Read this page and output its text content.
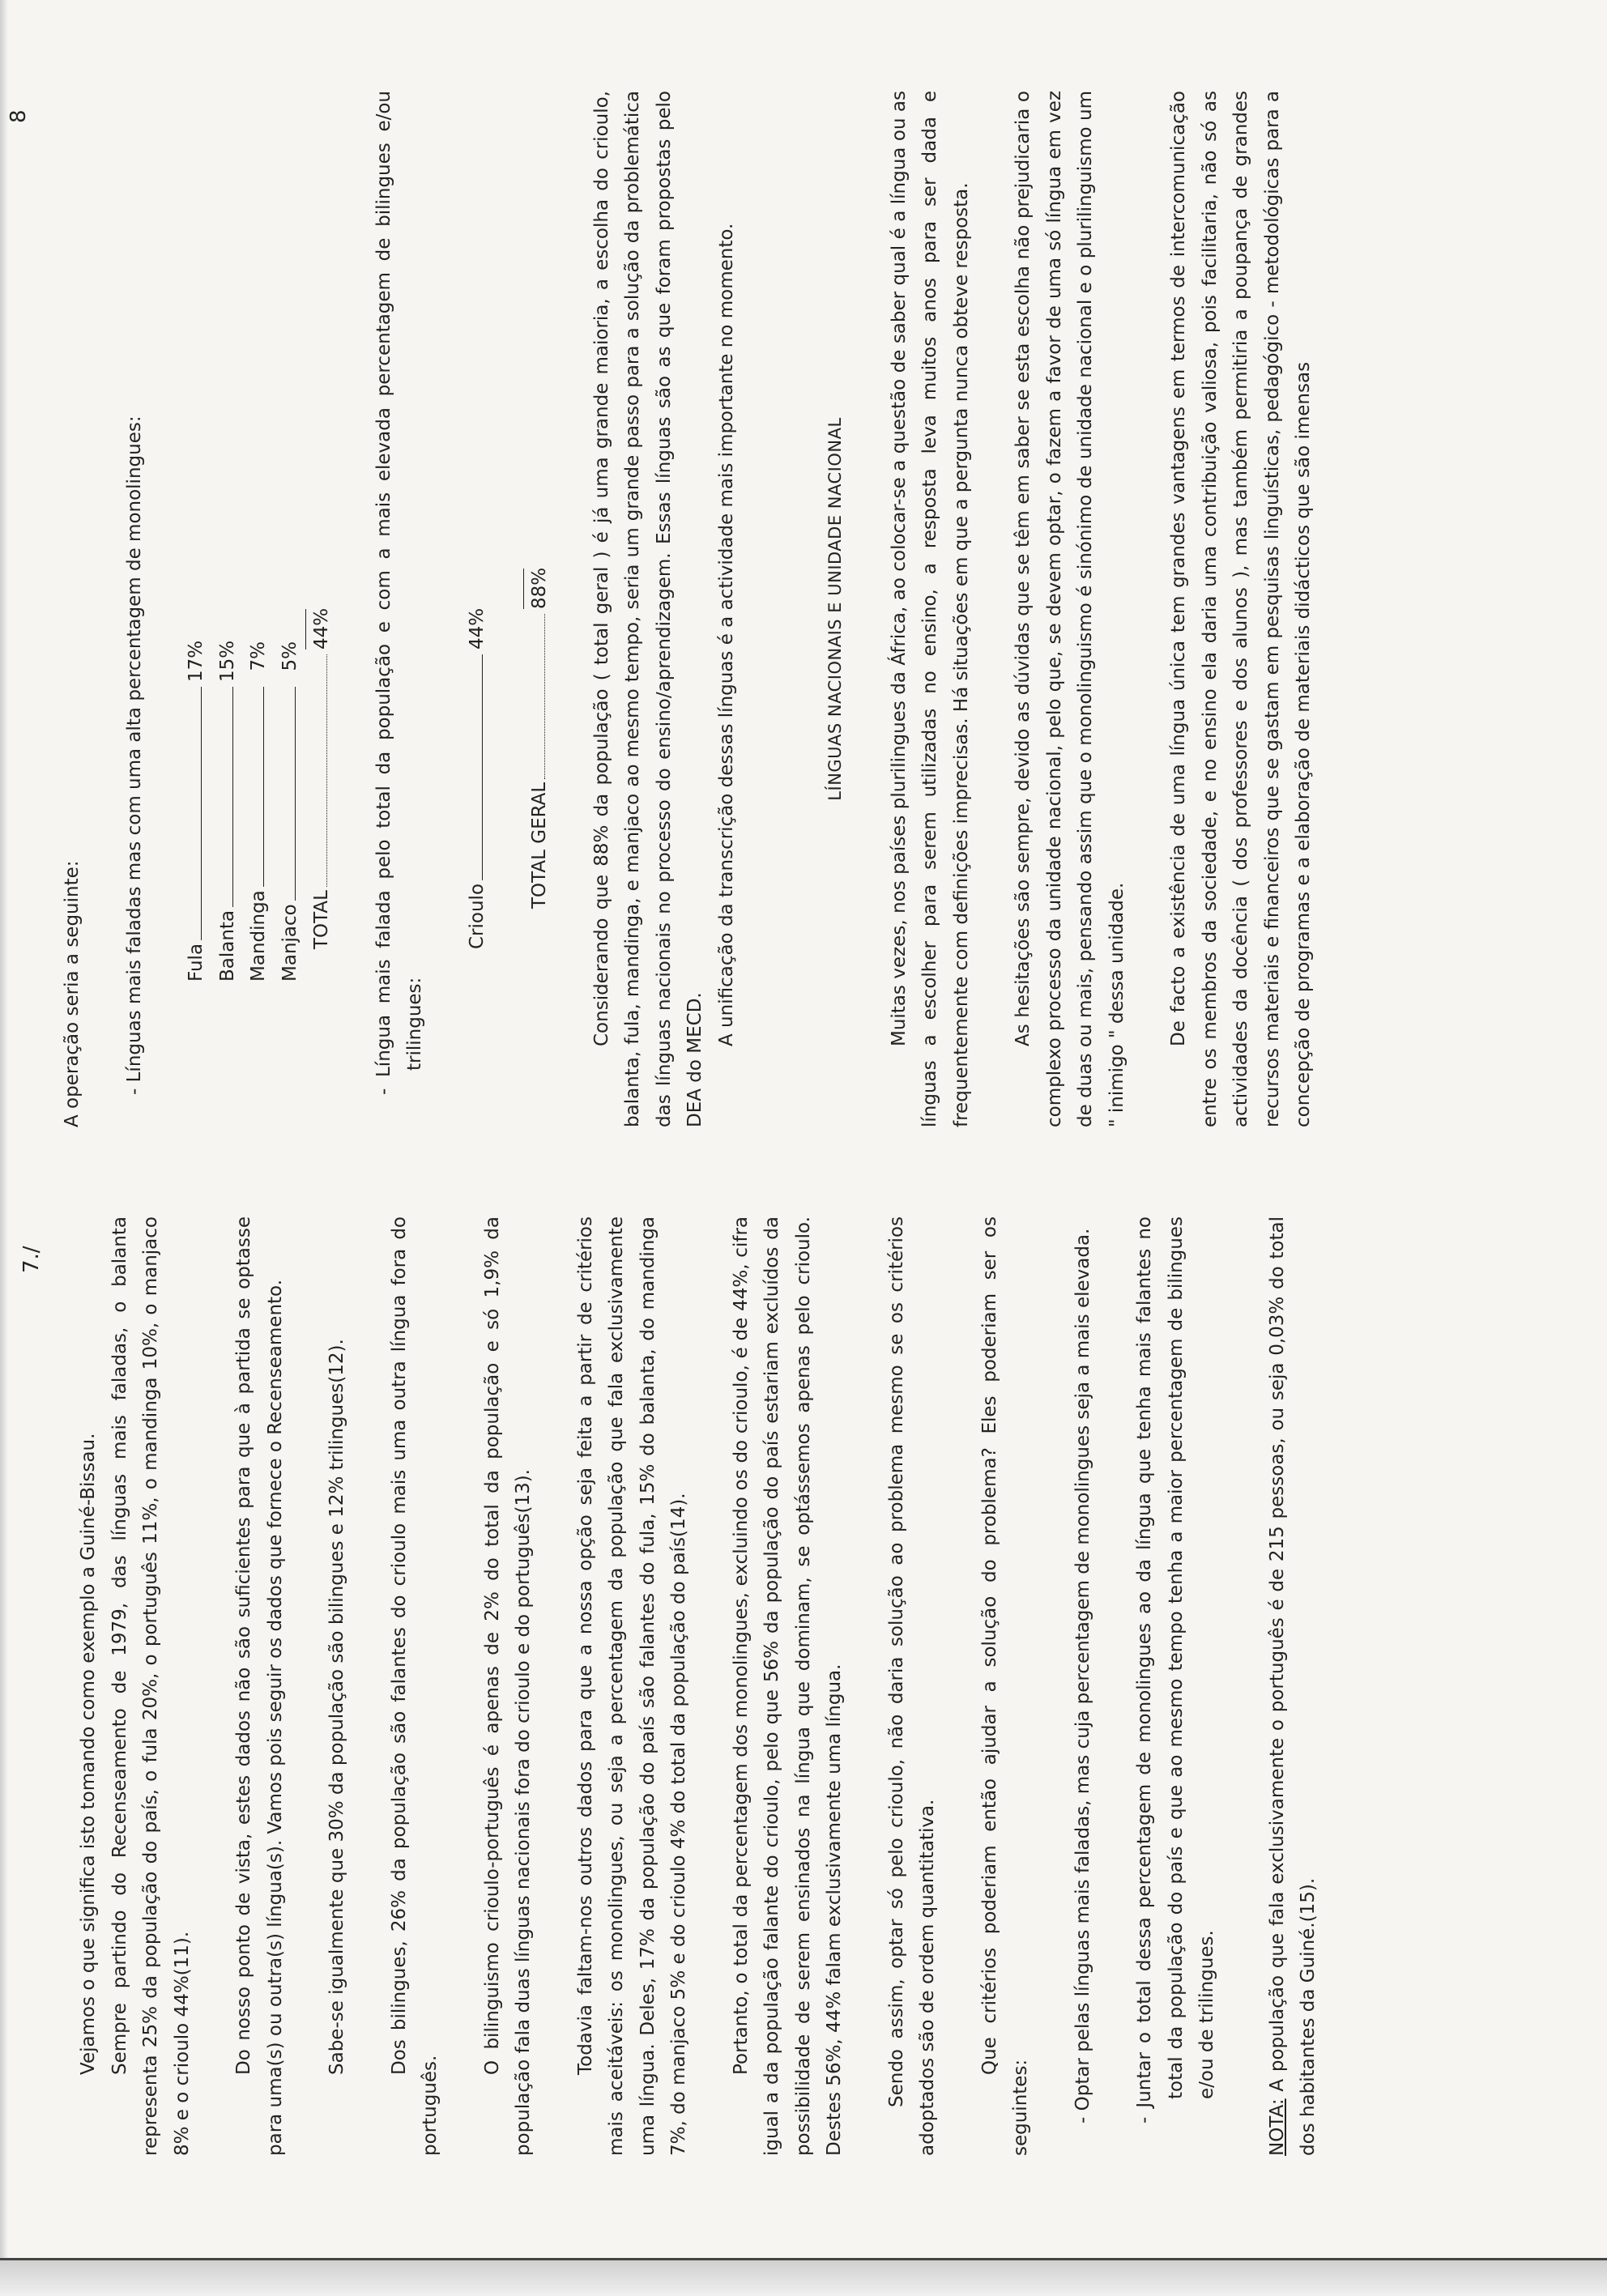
7./

Vejamos o que significa isto tomando como exemplo a Guiné-Bissau. Sempre partindo do Recenseamento de 1979, das línguas mais faladas, o balanta representa 25% da população do país, o fula 20%, o português 11%, o mandinga 10%, o manjaco 8% e o crioulo 44%(11). Do nosso ponto de vista, estes dados não são suficientes para que à partida se optasse para uma(s) ou outra(s) língua(s). Vamos pois seguir os dados que fornece o Recenseamento. Sabe-se igualmente que 30% da população são bilingues e 12% trilingues(12). Dos bilingues, 26% da população são falantes do crioulo mais uma outra língua fora do português.

O bilinguismo crioulo-português é apenas de 2% do total da população e só 1,9% da população fala duas línguas nacionais fora do crioulo e do português(13). Todavia faltam-nos outros dados para que a nossa opção seja feita a partir de critérios mais aceitáveis: os monolingues, ou seja a percentagem da população que fala exclusivamente uma língua. Deles, 17% da população do país são falantes do fula, 15% do balanta, do mandinga 7%, do manjaco 5% e do crioulo 4% do total da população do país(14). Portanto, o total da percentagem dos monolingues, excluindo os do crioulo, é de 44%, cifra igual a da população falante do crioulo, pelo que 56% da população do país estariam excluídos da possibilidade de serem ensinados na língua que dominam, se optássemos apenas pelo crioulo. Destes 56%, 44% falam exclusivamente uma língua. Sendo assim, optar só pelo crioulo, não daria solução ao problema mesmo se os critérios adoptados são de ordem quantitativa. Que critérios poderiam então ajudar a solução do problema? Eles poderiam ser os seguintes: - Optar pelas línguas mais faladas, mas cuja percentagem de monolingues seja a mais elevada. - Juntar o total dessa percentagem de monolingues ao da língua que tenha mais falantes no total da população do país e que ao mesmo tempo tenha a maior percentagem de bilingues e/ou de trilingues.

NOTA: A população que fala exclusivamente o português é de 215 pessoas, ou seja 0,03% do total dos habitantes da Guiné.(15).

8

A operação seria a seguinte: - Línguas mais faladas mas com uma alta percentagem de monolingues: Fula
17%
Balanta
15%
Mandinga
7%
Manjaco
5%
TOTAL
44% - Língua mais falada pelo total da população e com a mais elevada percentagem de bilingues e/ou trilingues:

Crioulo
44%
TOTAL GERAL
88% Considerando que 88% da população ( total geral ) é já uma grande maioria, a escolha do crioulo, balanta, fula, mandinga, e manjaco ao mesmo tempo, seria um grande passo para a solução da problemática das línguas nacionais no processo do ensino/aprendizagem. Essas línguas são as que foram propostas pelo DEA do MECD.

A unificação da transcrição dessas línguas é a actividade mais importante no momento.	LÍNGUAS NACIONAIS E UNIDADE NACIONAL	Muitas vezes, nos países plurilingues da África, ao colocar-se a questão de saber qual é a língua ou as línguas a escolher para serem utilizadas no ensino, a resposta leva muitos anos para ser dada e frequentemente com definições imprecisas. Há situações em que a pergunta nunca obteve resposta. As hesitações são sempre, devido as dúvidas que se têm em saber se esta escolha não prejudicaria o complexo processo da unidade nacional, pelo que, se devem optar, o fazem a favor de uma só língua em vez de duas ou mais, pensando assim que o monolinguismo é sinónimo de unidade nacional e o plurilinguismo um " inimigo " dessa unidade. De facto a existência de uma língua única tem grandes vantagens em termos de intercomunicação entre os membros da sociedade, e no ensino ela daria uma contribuição valiosa, pois facilitaria, não só as actividades da docência ( dos professores e dos alunos ), mas também permitiria a poupança de grandes recursos materiais e financeiros que se gastam em pesquisas linguísticas, pedagógico - metodológicas para a concepção de programas e a elaboração de materiais didácticos que são imensas
